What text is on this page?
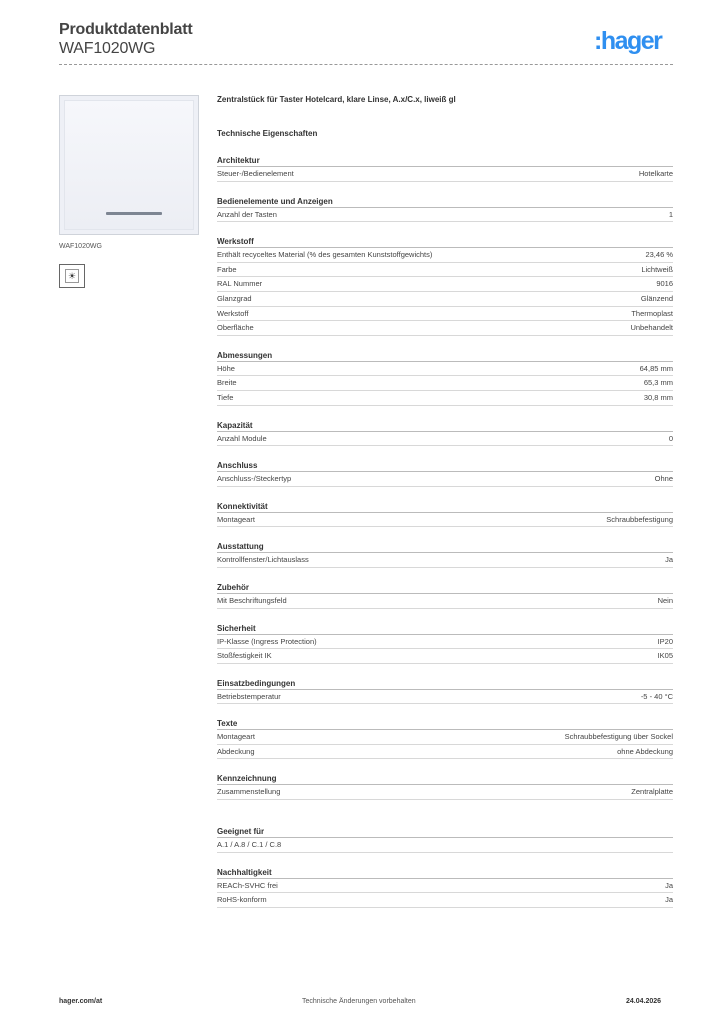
Produktdatenblatt
WAF1020WG	:hager
WAF1020WG
☀
Zentralstück für Taster Hotelcard, klare Linse, A.x/C.x, liweiß gl
Technische Eigenschaften
Architektur
Steuer-/Bedienelement	Hotelkarte
Bedienelemente und Anzeigen
Anzahl der Tasten	1
Werkstoff
Enthält recyceltes Material (% des gesamten Kunststoffgewichts)	23,46 %
Farbe	Lichtweiß
RAL Nummer	9016
Glanzgrad	Glänzend
Werkstoff	Thermoplast
Oberfläche	Unbehandelt
Abmessungen
Höhe	64,85 mm
Breite	65,3 mm
Tiefe	30,8 mm
Kapazität
Anzahl Module	0
Anschluss
Anschluss-/Steckertyp	Ohne
Konnektivität
Montageart	Schraubbefestigung
Ausstattung
Kontrollfenster/Lichtauslass	Ja
Zubehör
Mit Beschriftungsfeld	Nein
Sicherheit
IP-Klasse (Ingress Protection)	IP20
Stoßfestigkeit IK	IK05
Einsatzbedingungen
Betriebstemperatur	-5 - 40 °C
Texte
Montageart	Schraubbefestigung über Sockel
Abdeckung	ohne Abdeckung
Kennzeichnung
Zusammenstellung	Zentralplatte
Geeignet für
A.1 / A.8 / C.1 / C.8
Nachhaltigkeit
REACh-SVHC frei	Ja
RoHS-konform	Ja
hager.com/at	Technische Änderungen vorbehalten	24.04.2026
